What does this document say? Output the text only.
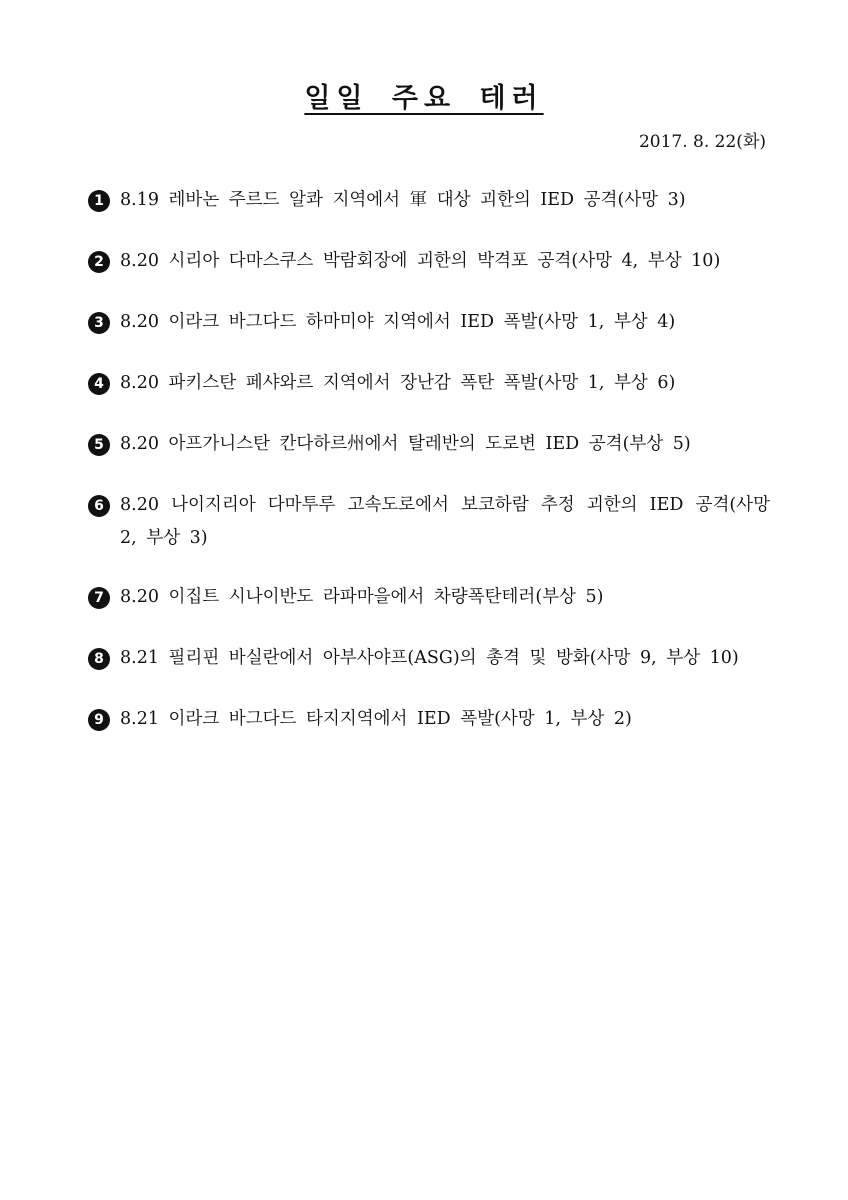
일일 주요 테러
2017. 8. 22(화)
1 8.19 레바논 주르드 알콰 지역에서 軍 대상 괴한의 IED 공격(사망 3)
2 8.20 시리아 다마스쿠스 박람회장에 괴한의 박격포 공격(사망 4, 부상 10)
3 8.20 이라크 바그다드 하마미야 지역에서 IED 폭발(사망 1, 부상 4)
4 8.20 파키스탄 페샤와르 지역에서 장난감 폭탄 폭발(사망 1, 부상 6)
5 8.20 아프가니스탄 칸다하르州에서 탈레반의 도로변 IED 공격(부상 5)
6 8.20 나이지리아 다마투루 고속도로에서 보코하람 추정 괴한의 IED 공격(사망 2, 부상 3)
7 8.20 이집트 시나이반도 라파마을에서 차량폭탄테러(부상 5)
8 8.21 필리핀 바실란에서 아부사야프(ASG)의 총격 및 방화(사망 9, 부상 10)
9 8.21 이라크 바그다드 타지지역에서 IED 폭발(사망 1, 부상 2)
